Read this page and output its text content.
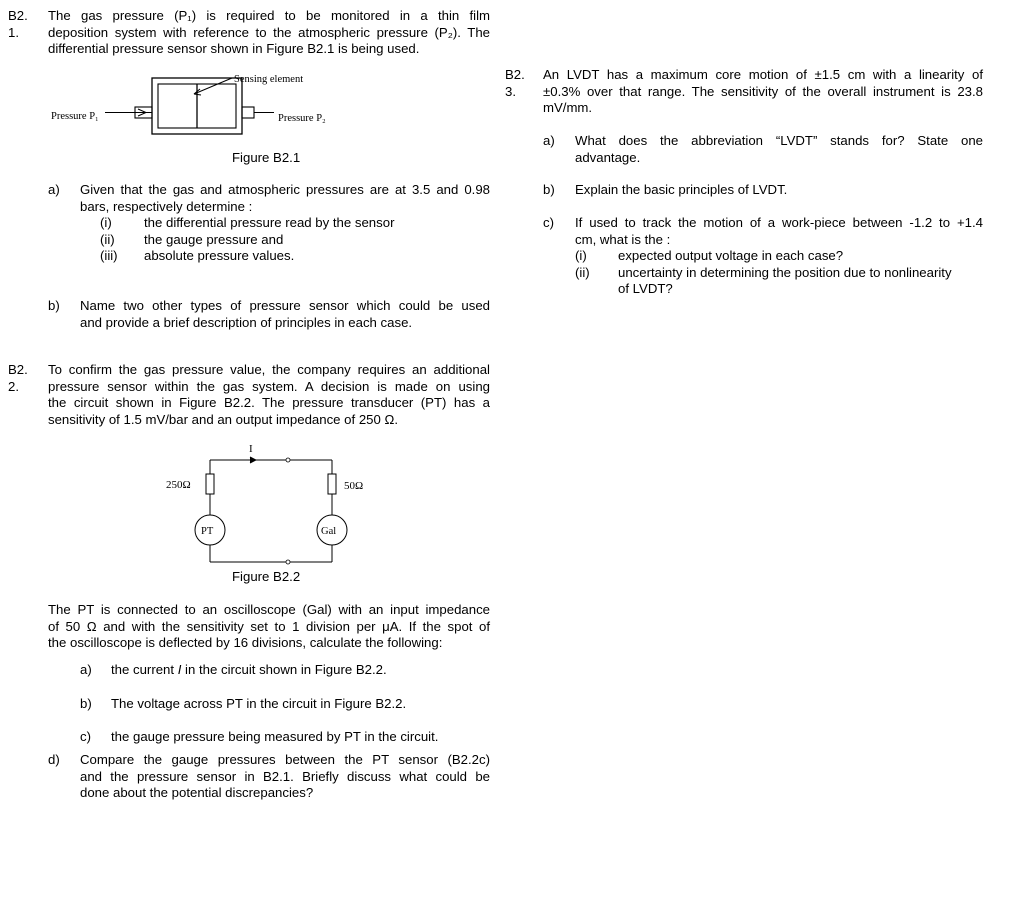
B2.
1.
The gas pressure (P₁) is required to be monitored in a thin film
deposition system with reference to the atmospheric pressure (P₂). The
differential pressure sensor shown in Figure B2.1 is being used.
Sensing element
Pressure P₁	Pressure P₂
Figure B2.1
a) Given that the gas and atmospheric pressures are at 3.5 and 0.98
bars, respectively determine :
(i) the differential pressure read by the sensor
(ii) the gauge pressure and
(iii) absolute pressure values.
b) Name two other types of pressure sensor which could be used
and provide a brief description of principles in each case.
B2.
2.
To confirm the gas pressure value, the company requires an additional
pressure sensor within the gas system. A decision is made on using
the circuit shown in Figure B2.2. The pressure transducer (PT) has a
sensitivity of 1.5 mV/bar and an output impedance of 250 Ω.
I
250Ω	50Ω
PT	Gal
Figure B2.2
The PT is connected to an oscilloscope (Gal) with an input impedance
of 50 Ω and with the sensitivity set to 1 division per μA. If the spot of
the oscilloscope is deflected by 16 divisions, calculate the following:
a) the current I in the circuit shown in Figure B2.2.
b) The voltage across PT in the circuit in Figure B2.2.
c) the gauge pressure being measured by PT in the circuit.
d) Compare the gauge pressures between the PT sensor (B2.2c)
and the pressure sensor in B2.1. Briefly discuss what could be
done about the potential discrepancies?
B2.
3.
An LVDT has a maximum core motion of ±1.5 cm with a linearity of
±0.3% over that range. The sensitivity of the overall instrument is 23.8
mV/mm.
a) What does the abbreviation “LVDT” stands for? State one
advantage.
b) Explain the basic principles of LVDT.
c) If used to track the motion of a work-piece between -1.2 to +1.4
cm, what is the :
(i) expected output voltage in each case?
(ii) uncertainty in determining the position due to nonlinearity
of LVDT?
